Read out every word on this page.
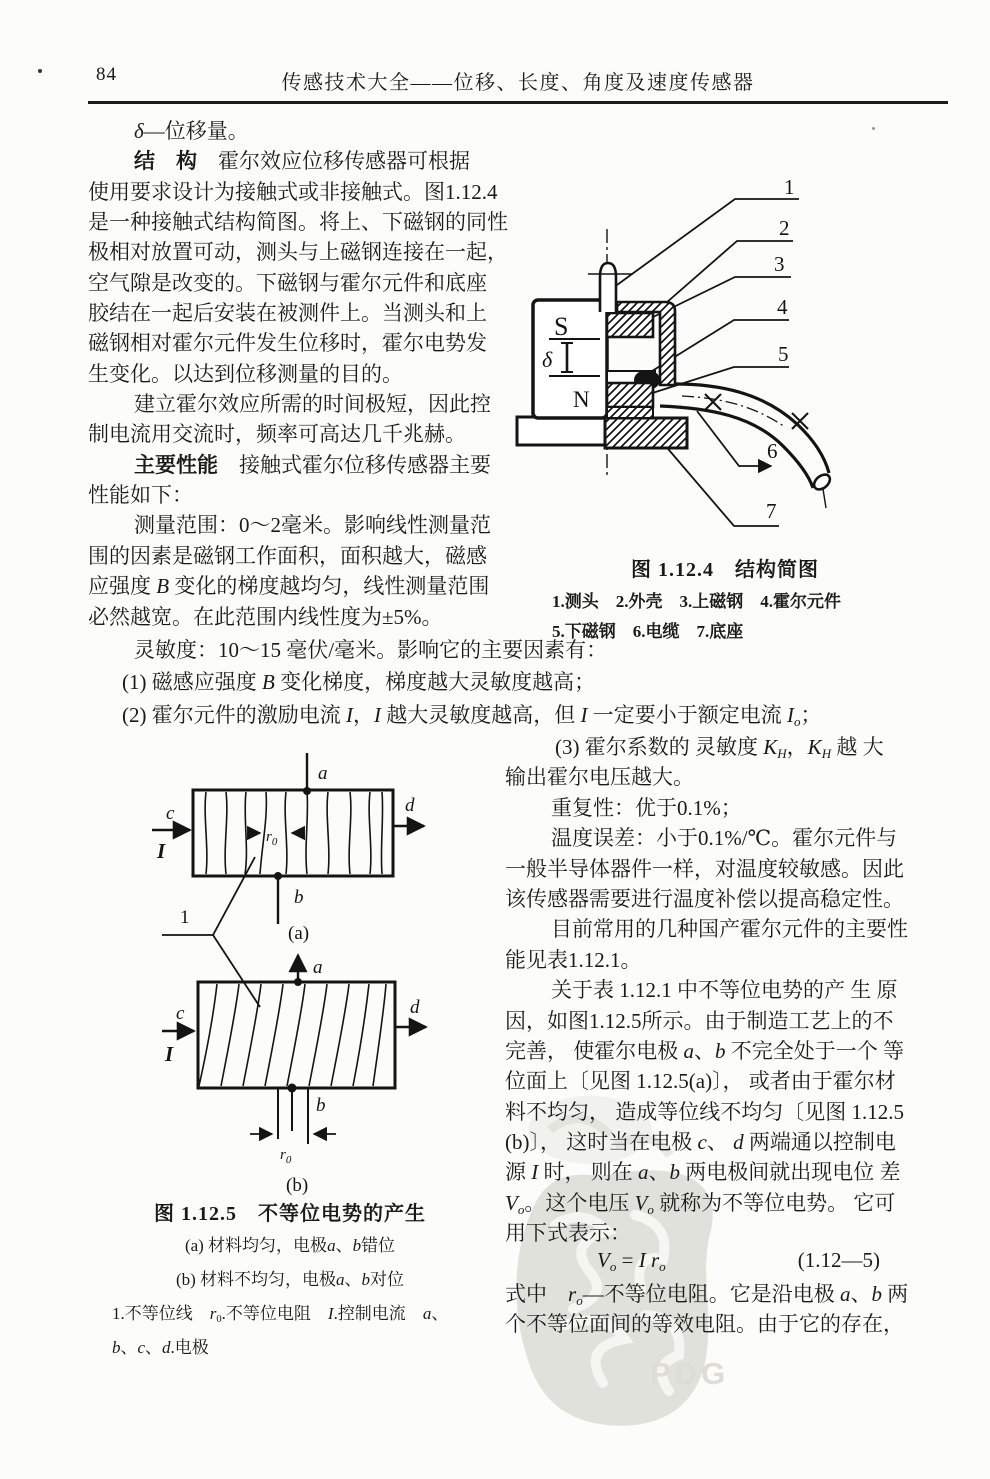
PDG
84	传感技术大全——位移、长度、角度及速度传感器
δ—位移量。
结　构　霍尔效应位移传感器可根据
使用要求设计为接触式或非接触式。图1.12.4
是一种接触式结构简图。将上、下磁钢的同性
极相对放置可动，测头与上磁钢连接在一起，
空气隙是改变的。下磁钢与霍尔元件和底座
胶结在一起后安装在被测件上。当测头和上
磁钢相对霍尔元件发生位移时，霍尔电势发
生变化。以达到位移测量的目的。
建立霍尔效应所需的时间极短，因此控
制电流用交流时，频率可高达几千兆赫。
主要性能　接触式霍尔位移传感器主要
性能如下：
测量范围：0～2毫米。影响线性测量范
围的因素是磁钢工作面积，面积越大，磁感
应强度 B 变化的梯度越均匀，线性测量范围
必然越宽。在此范围内线性度为±5%。
灵敏度：10～15 毫伏/毫米。影响它的主要因素有：
(1) 磁感应强度 B 变化梯度，梯度越大灵敏度越高；
(2) 霍尔元件的激励电流 I，I 越大灵敏度越高，但 I 一定要小于额定电流 $I_o$；
(3) 霍尔系数的 灵敏度 $K_H$，$K_H$ 越 大
输出霍尔电压越大。
重复性：优于0.1%；
温度误差：小于0.1%/℃。霍尔元件与
一般半导体器件一样，对温度较敏感。因此
该传感器需要进行温度补偿以提高稳定性。
目前常用的几种国产霍尔元件的主要性
能见表1.12.1。
关于表 1.12.1 中不等位电势的产 生 原
因，如图1.12.5所示。由于制造工艺上的不
完善， 使霍尔电极 a、b 不完全处于一个 等
位面上〔见图 1.12.5(a)〕， 或者由于霍尔材
料不均匀， 造成等位线不均匀〔见图 1.12.5
(b)〕， 这时当在电极 c、 d 两端通以控制电
源 I 时， 则在 a、b 两电极间就出现电位 差
$V_o$。这个电压 $V_o$ 就称为不等位电势。 它可
用下式表示：
$V_o = I$ $r_o$	(1.12—5)
式中　$r_o—$不等位电阻。它是沿电极 a、b 两
个不等位面间的等效电阻。由于它的存在，
1
2
3
4
5
6
7
S
N
δ
图 1.12.4　结构简图
1.测头　2.外壳　3.上磁钢　4.霍尔元件
5.下磁钢　6.电缆　7.底座
a
b
c	d
I
$r_0$
(a)
1
a
b
c	d
I
$r_0$
(b)
图 1.12.5　不等位电势的产生
(a) 材料均匀，电极a、b错位
(b) 材料不均匀，电极a、b对位
1.不等位线　$r_0$.不等位电阻　I.控制电流　a、
b、c、d.电极
